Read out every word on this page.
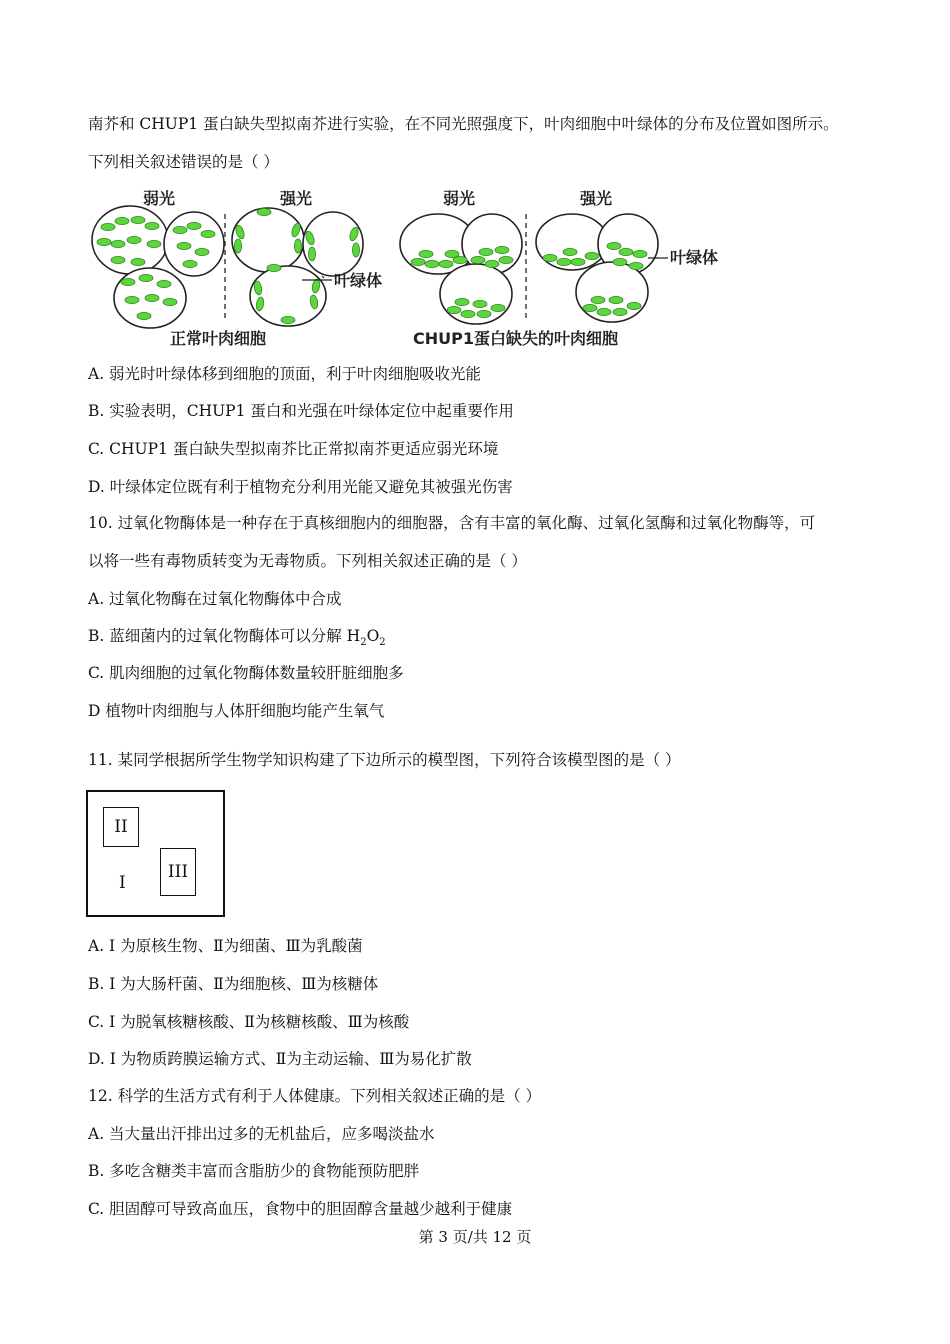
南芥和 CHUP1 蛋白缺失型拟南芥进行实验，在不同光照强度下，叶肉细胞中叶绿体的分布及位置如图所示。
下列相关叙述错误的是（ ）
弱光	强光	弱光	强光
叶绿体
叶绿体
正常叶肉细胞	CHUP1蛋白缺失的叶肉细胞
A. 弱光时叶绿体移到细胞的顶面，利于叶肉细胞吸收光能
B. 实验表明，CHUP1 蛋白和光强在叶绿体定位中起重要作用
C. CHUP1 蛋白缺失型拟南芥比正常拟南芥更适应弱光环境
D. 叶绿体定位既有利于植物充分利用光能又避免其被强光伤害
10. 过氧化物酶体是一种存在于真核细胞内的细胞器，含有丰富的氧化酶、过氧化氢酶和过氧化物酶等，可
以将一些有毒物质转变为无毒物质。下列相关叙述正确的是（ ）
A. 过氧化物酶在过氧化物酶体中合成
B. 蓝细菌内的过氧化物酶体可以分解 $H_2O_2$
C. 肌肉细胞的过氧化物酶体数量较肝脏细胞多
D 植物叶肉细胞与人体肝细胞均能产生氧气
11. 某同学根据所学生物学知识构建了下边所示的模型图，下列符合该模型图的是（ ）
II
III
I
A. Ⅰ 为原核生物、Ⅱ为细菌、Ⅲ为乳酸菌
B. Ⅰ 为大肠杆菌、Ⅱ为细胞核、Ⅲ为核糖体
C. Ⅰ 为脱氧核糖核酸、Ⅱ为核糖核酸、Ⅲ为核酸
D. Ⅰ 为物质跨膜运输方式、Ⅱ为主动运输、Ⅲ为易化扩散
12. 科学的生活方式有利于人体健康。下列相关叙述正确的是（ ）
A. 当大量出汗排出过多的无机盐后，应多喝淡盐水
B. 多吃含糖类丰富而含脂肪少的食物能预防肥胖
C. 胆固醇可导致高血压，食物中的胆固醇含量越少越利于健康
第 3 页/共 12 页
